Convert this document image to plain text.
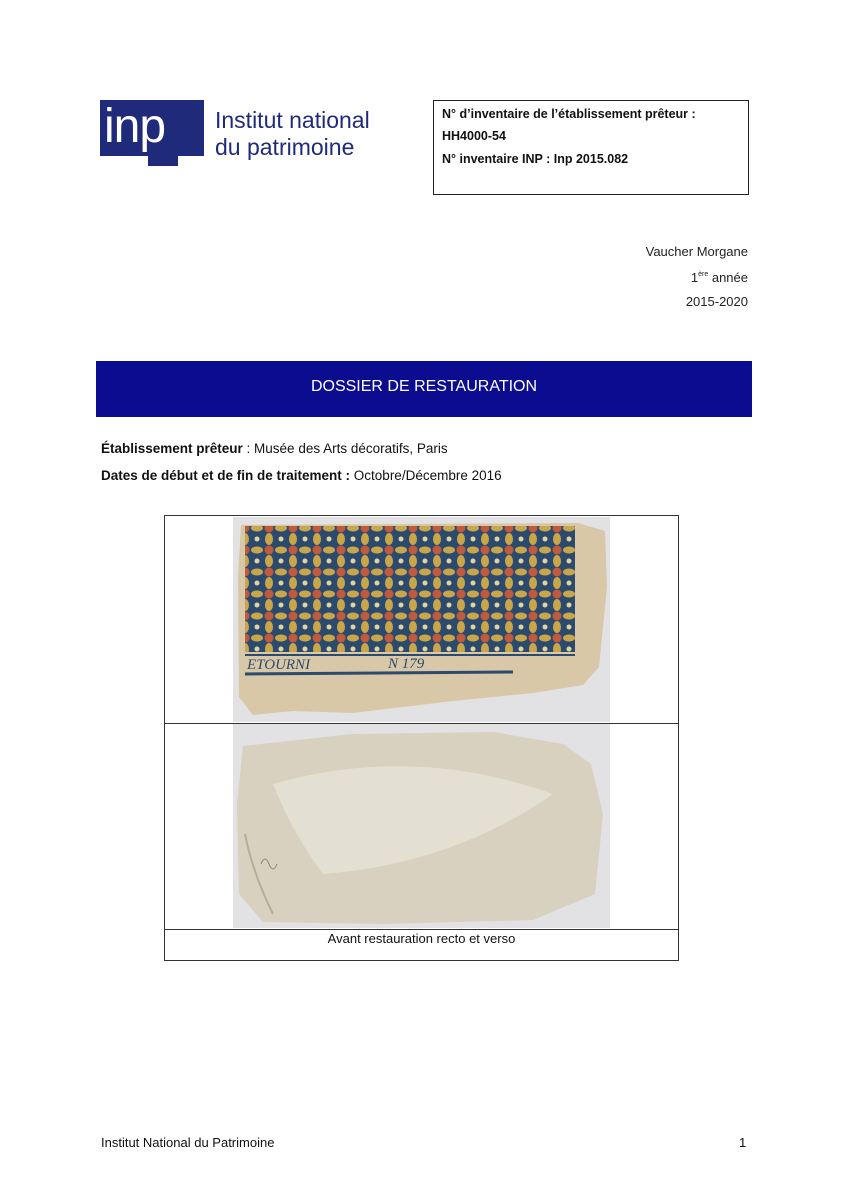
inp Institut national
du patrimoine
N° d’inventaire de l’établissement prêteur :
HH4000-54
N° inventaire INP : Inp 2015.082
Vaucher Morgane
1ère année
2015-2020
DOSSIER DE RESTAURATION
Établissement prêteur : Musée des Arts décoratifs, Paris
Dates de début et de fin de traitement : Octobre/Décembre 2016
ETOURNI	N 179
Avant restauration recto et verso
Institut National du Patrimoine	1
